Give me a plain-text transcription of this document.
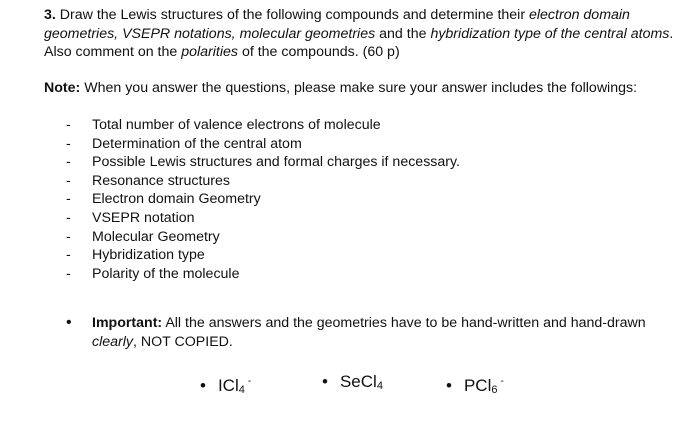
3. Draw the Lewis structures of the following compounds and determine their electron domain geometries, VSEPR notations, molecular geometries and the hybridization type of the central atoms. Also comment on the polarities of the compounds. (60 p)
Note: When you answer the questions, please make sure your answer includes the followings:
- Total number of valence electrons of molecule
- Determination of the central atom
- Possible Lewis structures and formal charges if necessary.
- Resonance structures
- Electron domain Geometry
- VSEPR notation
- Molecular Geometry
- Hybridization type
- Polarity of the molecule
• Important: All the answers and the geometries have to be hand-written and hand-drawn clearly, NOT COPIED.
• ICl4-	• SeCl4	• PCl6-
